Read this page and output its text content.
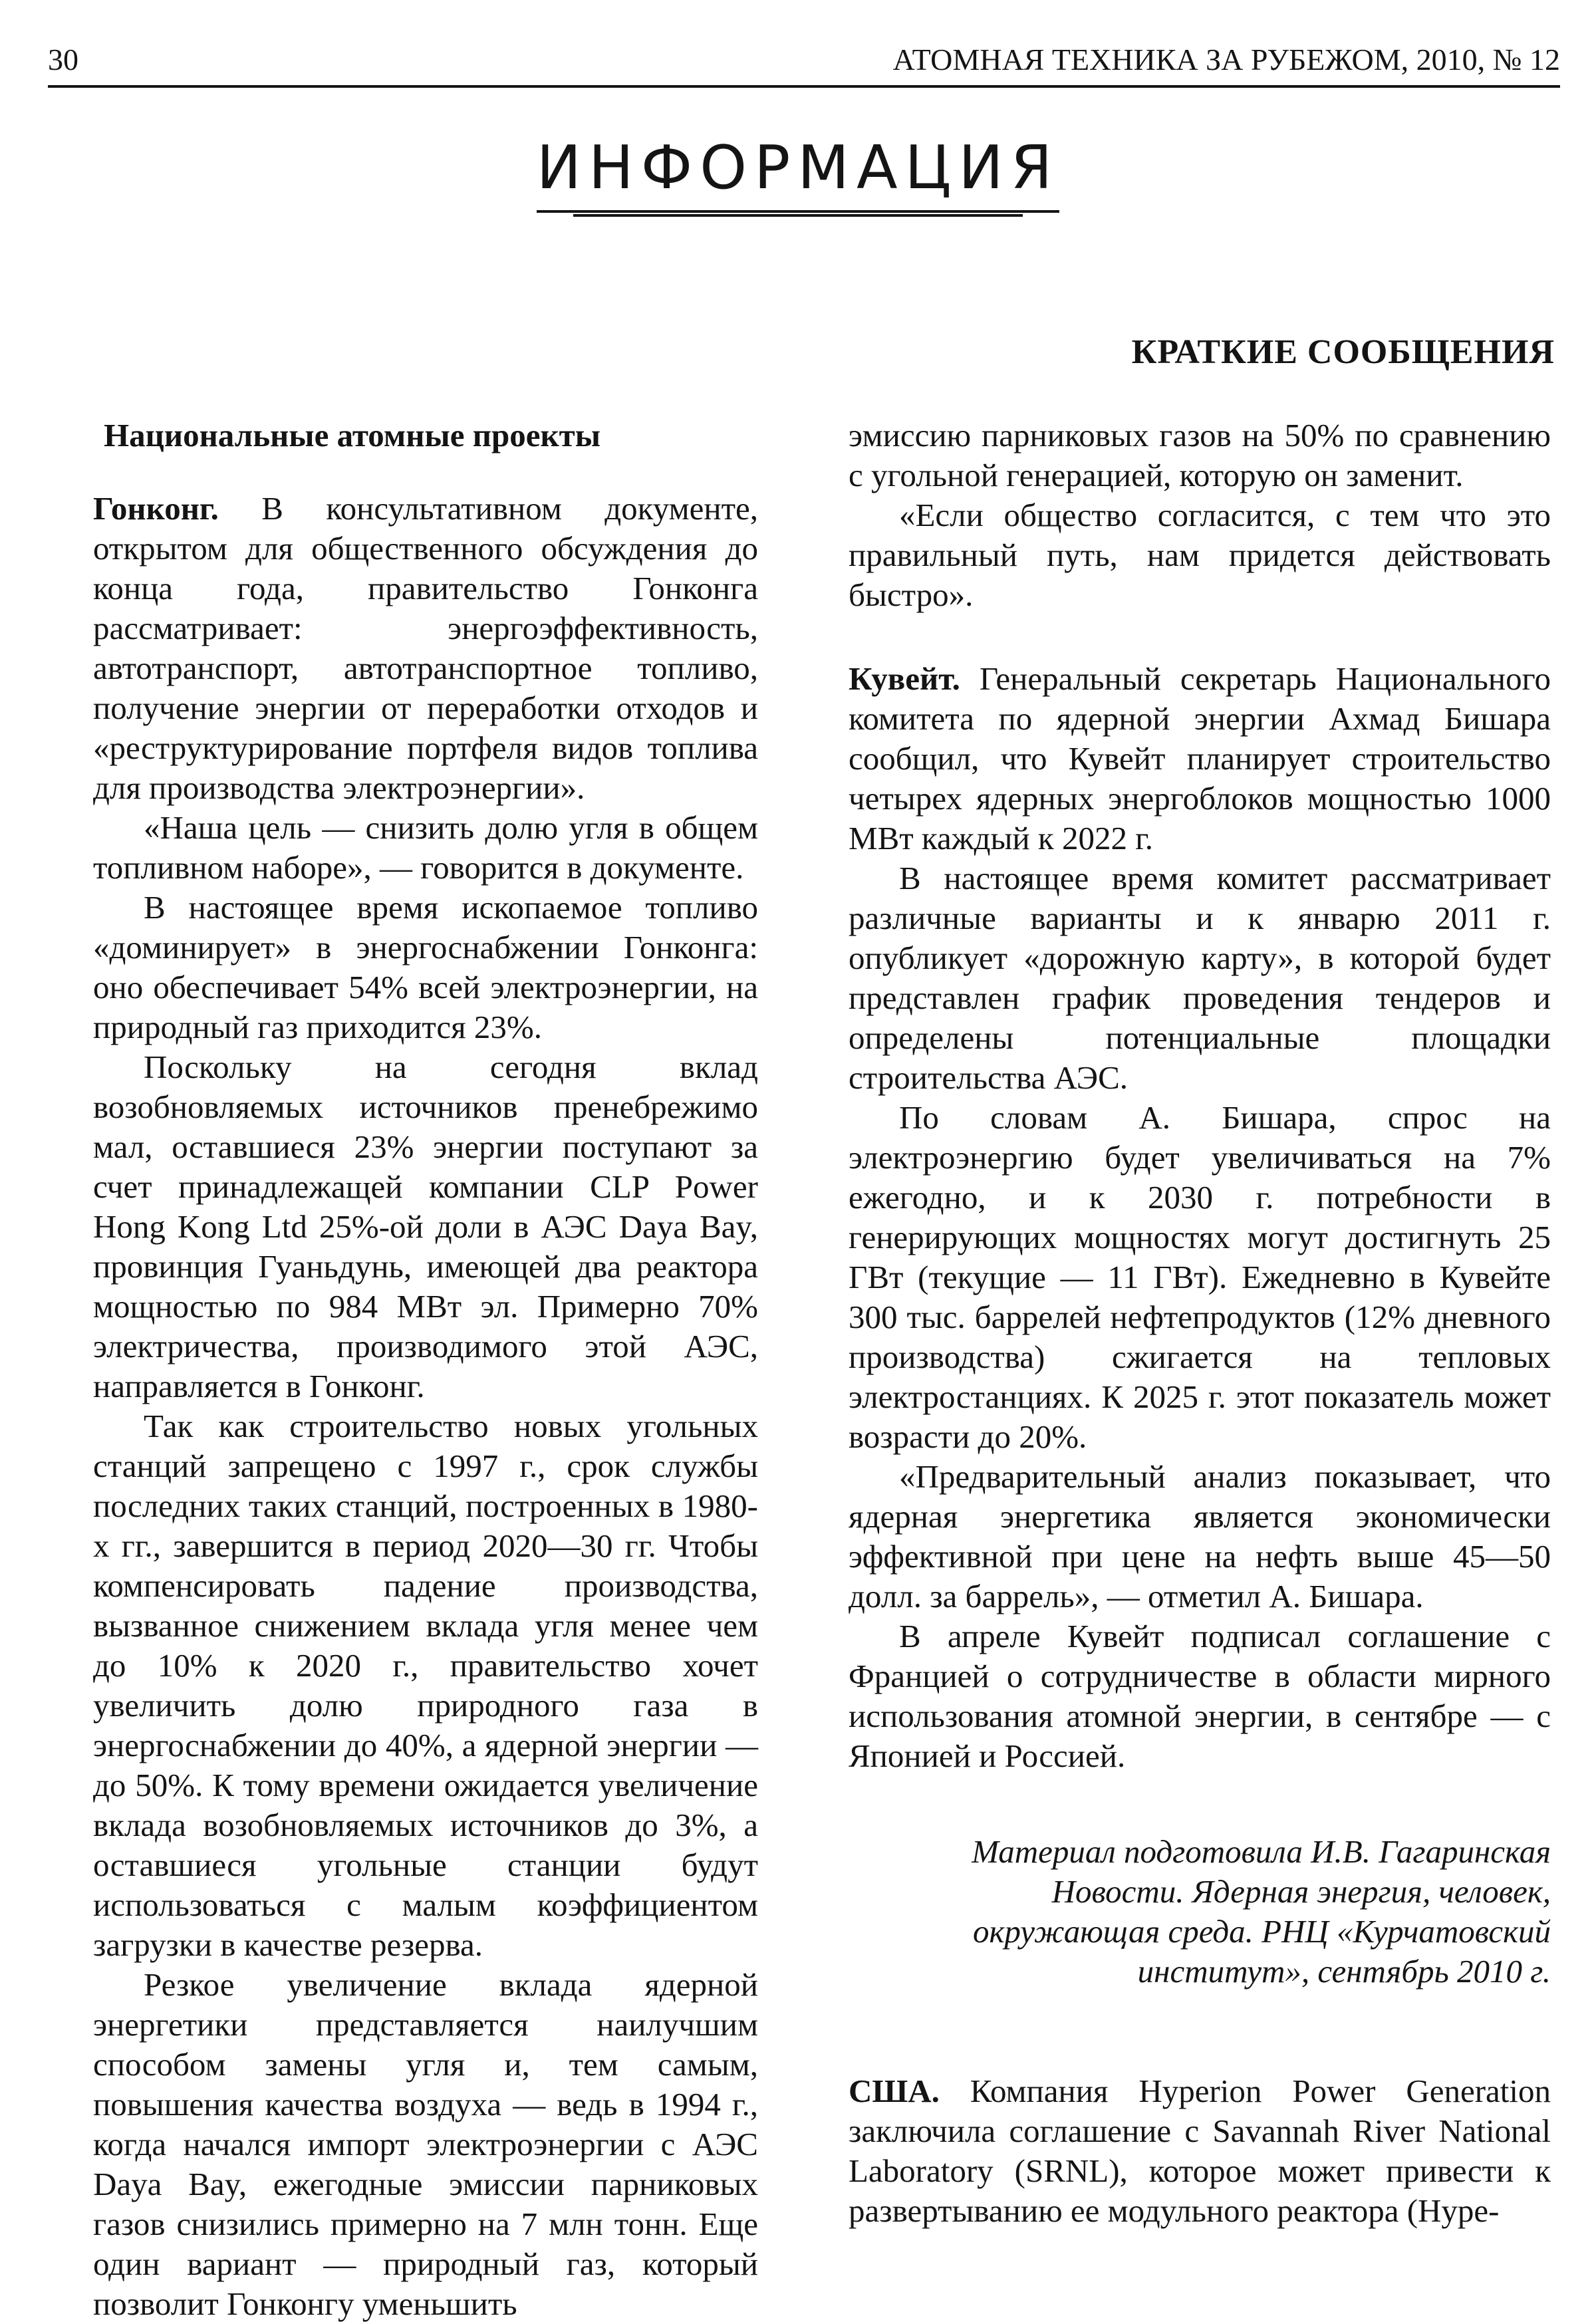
30	АТОМНАЯ ТЕХНИКА ЗА РУБЕЖОМ, 2010, № 12
ИНФОРМАЦИЯ
КРАТКИЕ СООБЩЕНИЯ

Национальные атомные проекты

Гонконг. В консультативном документе, открытом для общественного обсуждения до конца года, правительство Гонконга рассматривает: энергоэффективность, автотранспорт, автотранспортное топливо, получение энергии от переработки отходов и «реструктурирование портфеля видов топлива для производства электроэнергии».

«Наша цель — снизить долю угля в общем топливном наборе», — говорится в документе.

В настоящее время ископаемое топливо «доминирует» в энергоснабжении Гонконга: оно обеспечивает 54% всей электроэнергии, на природный газ приходится 23%.

Поскольку на сегодня вклад возобновляемых источников пренебрежимо мал, оставшиеся 23% энергии поступают за счет принадлежащей компании CLP Power Hong Kong Ltd 25%-ой доли в АЭС Daya Bay, провинция Гуаньдунь, имеющей два реактора мощностью по 984 МВт эл. Примерно 70% электричества, производимого этой АЭС, направляется в Гонконг.

Так как строительство новых угольных станций запрещено с 1997 г., срок службы последних таких станций, построенных в 1980-х гг., завершится в период 2020—30 гг. Чтобы компенсировать падение производства, вызванное снижением вклада угля менее чем до 10% к 2020 г., правительство хочет увеличить долю природного газа в энергоснабжении до 40%, а ядерной энергии — до 50%. К тому времени ожидается увеличение вклада возобновляемых источников до 3%, а оставшиеся угольные станции будут использоваться с малым коэффициентом загрузки в качестве резерва.

Резкое увеличение вклада ядерной энергетики представляется наилучшим способом замены угля и, тем самым, повышения качества воздуха — ведь в 1994 г., когда начался импорт электроэнергии с АЭС Daya Bay, ежегодные эмиссии парниковых газов снизились примерно на 7 млн тонн. Еще один вариант — природный газ, который позволит Гонконгу уменьшить

эмиссию парниковых газов на 50% по сравнению с угольной генерацией, которую он заменит.

«Если общество согласится, с тем что это правильный путь, нам придется действовать быстро».

Кувейт. Генеральный секретарь Национального комитета по ядерной энергии Ахмад Бишара сообщил, что Кувейт планирует строительство четырех ядерных энергоблоков мощностью 1000 МВт каждый к 2022 г.

В настоящее время комитет рассматривает различные варианты и к январю 2011 г. опубликует «дорожную карту», в которой будет представлен график проведения тендеров и определены потенциальные площадки строительства АЭС.

По словам А. Бишара, спрос на электроэнергию будет увеличиваться на 7% ежегодно, и к 2030 г. потребности в генерирующих мощностях могут достигнуть 25 ГВт (текущие — 11 ГВт). Ежедневно в Кувейте 300 тыс. баррелей нефтепродуктов (12% дневного производства) сжигается на тепловых электростанциях. К 2025 г. этот показатель может возрасти до 20%.

«Предварительный анализ показывает, что ядерная энергетика является экономически эффективной при цене на нефть выше 45—50 долл. за баррель», — отметил А. Бишара.

В апреле Кувейт подписал соглашение с Францией о сотрудничестве в области мирного использования атомной энергии, в сентябре — с Японией и Россией.

Материал подготовила И.В. Гагаринская

Новости. Ядерная энергия, человек, окружающая среда. РНЦ «Курчатовский институт», сентябрь 2010 г.

США. Компания Hyperion Power Generation заключила соглашение с Savannah River National Laboratory (SRNL), которое может привести к развертыванию ее модульного реактора (Hype-
